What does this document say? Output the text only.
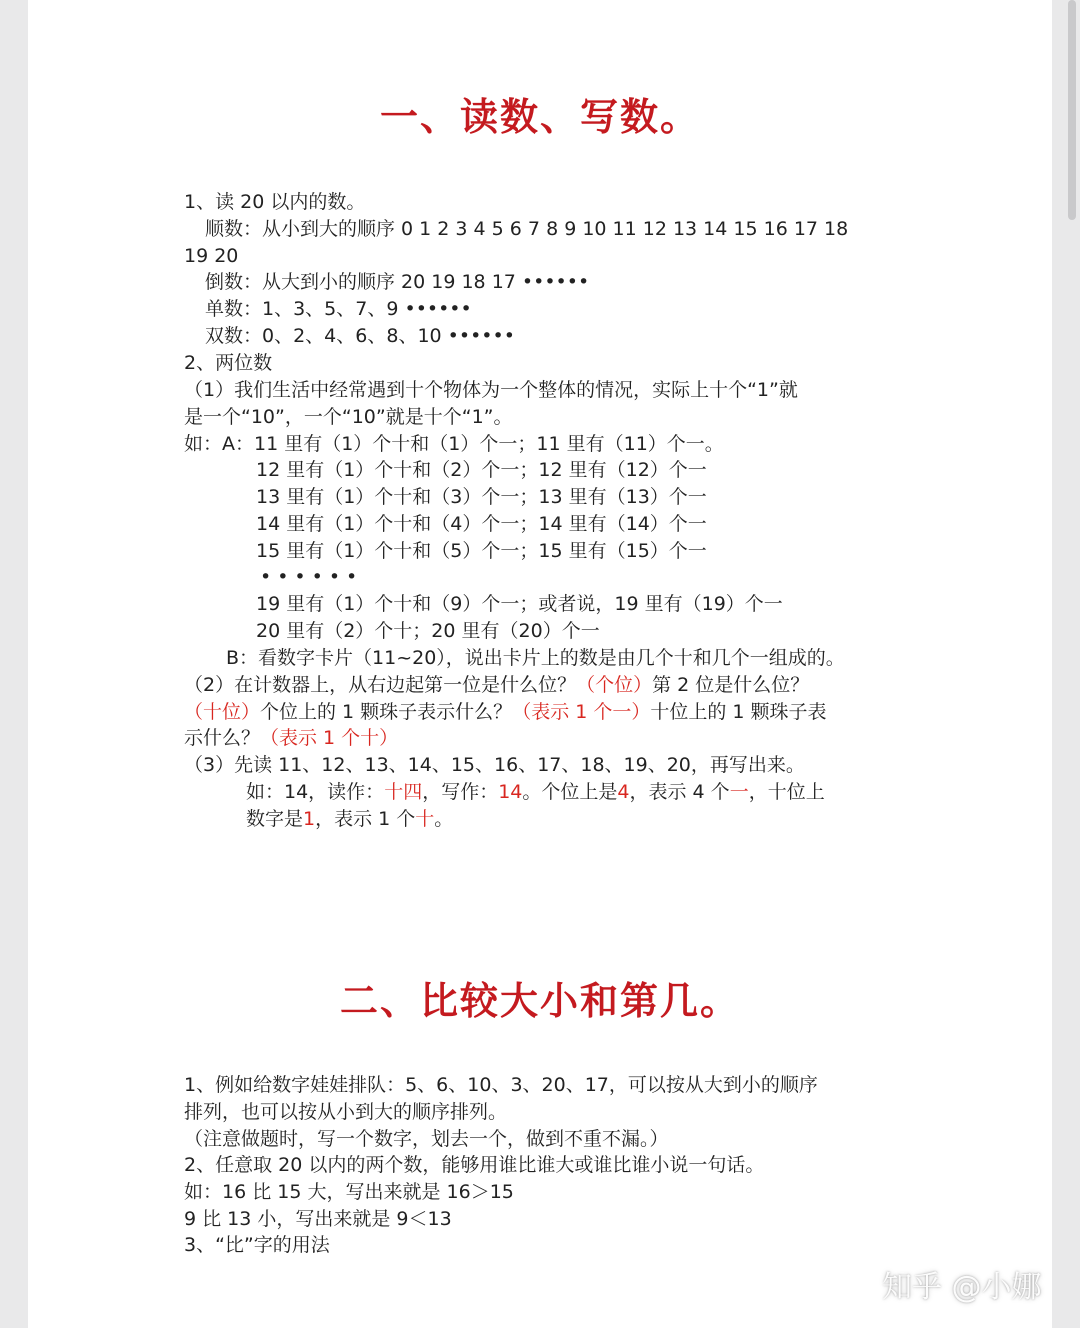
一、读数、写数。
1、读 20 以内的数。
顺数：从小到大的顺序 0 1 2 3 4 5 6 7 8 9 10 11 12 13 14 15 16 17 18
19 20
倒数：从大到小的顺序 20 19 18 17 ••••••
单数：1、3、5、7、9 ••••••
双数：0、2、4、6、8、10 ••••••
2、两位数
（1）我们生活中经常遇到十个物体为一个整体的情况，实际上十个“1”就
是一个“10”，一个“10”就是十个“1”。
如：A：11 里有（1）个十和（1）个一；11 里有（11）个一。
12 里有（1）个十和（2）个一；12 里有（12）个一
13 里有（1）个十和（3）个一；13 里有（13）个一
14 里有（1）个十和（4）个一；14 里有（14）个一
15 里有（1）个十和（5）个一；15 里有（15）个一
••••••
19 里有（1）个十和（9）个一；或者说，19 里有（19）个一
20 里有（2）个十；20 里有（20）个一
B：看数字卡片（11~20），说出卡片上的数是由几个十和几个一组成的。
（2）在计数器上，从右边起第一位是什么位？（个位）第 2 位是什么位？
（十位）个位上的 1 颗珠子表示什么？（表示 1 个一）十位上的 1 颗珠子表
示什么？（表示 1 个十）
（3）先读 11、12、13、14、15、16、17、18、19、20，再写出来。
如：14，读作：十四，写作：14。个位上是4，表示 4 个一，十位上
数字是1，表示 1 个十。
二、比较大小和第几。
1、例如给数字娃娃排队：5、6、10、3、20、17，可以按从大到小的顺序
排列，也可以按从小到大的顺序排列。
（注意做题时，写一个数字，划去一个，做到不重不漏。）
2、任意取 20 以内的两个数，能够用谁比谁大或谁比谁小说一句话。
如：16 比 15 大，写出来就是 16＞15
9 比 13 小，写出来就是 9＜13
3、“比”字的用法
知乎 @小娜
